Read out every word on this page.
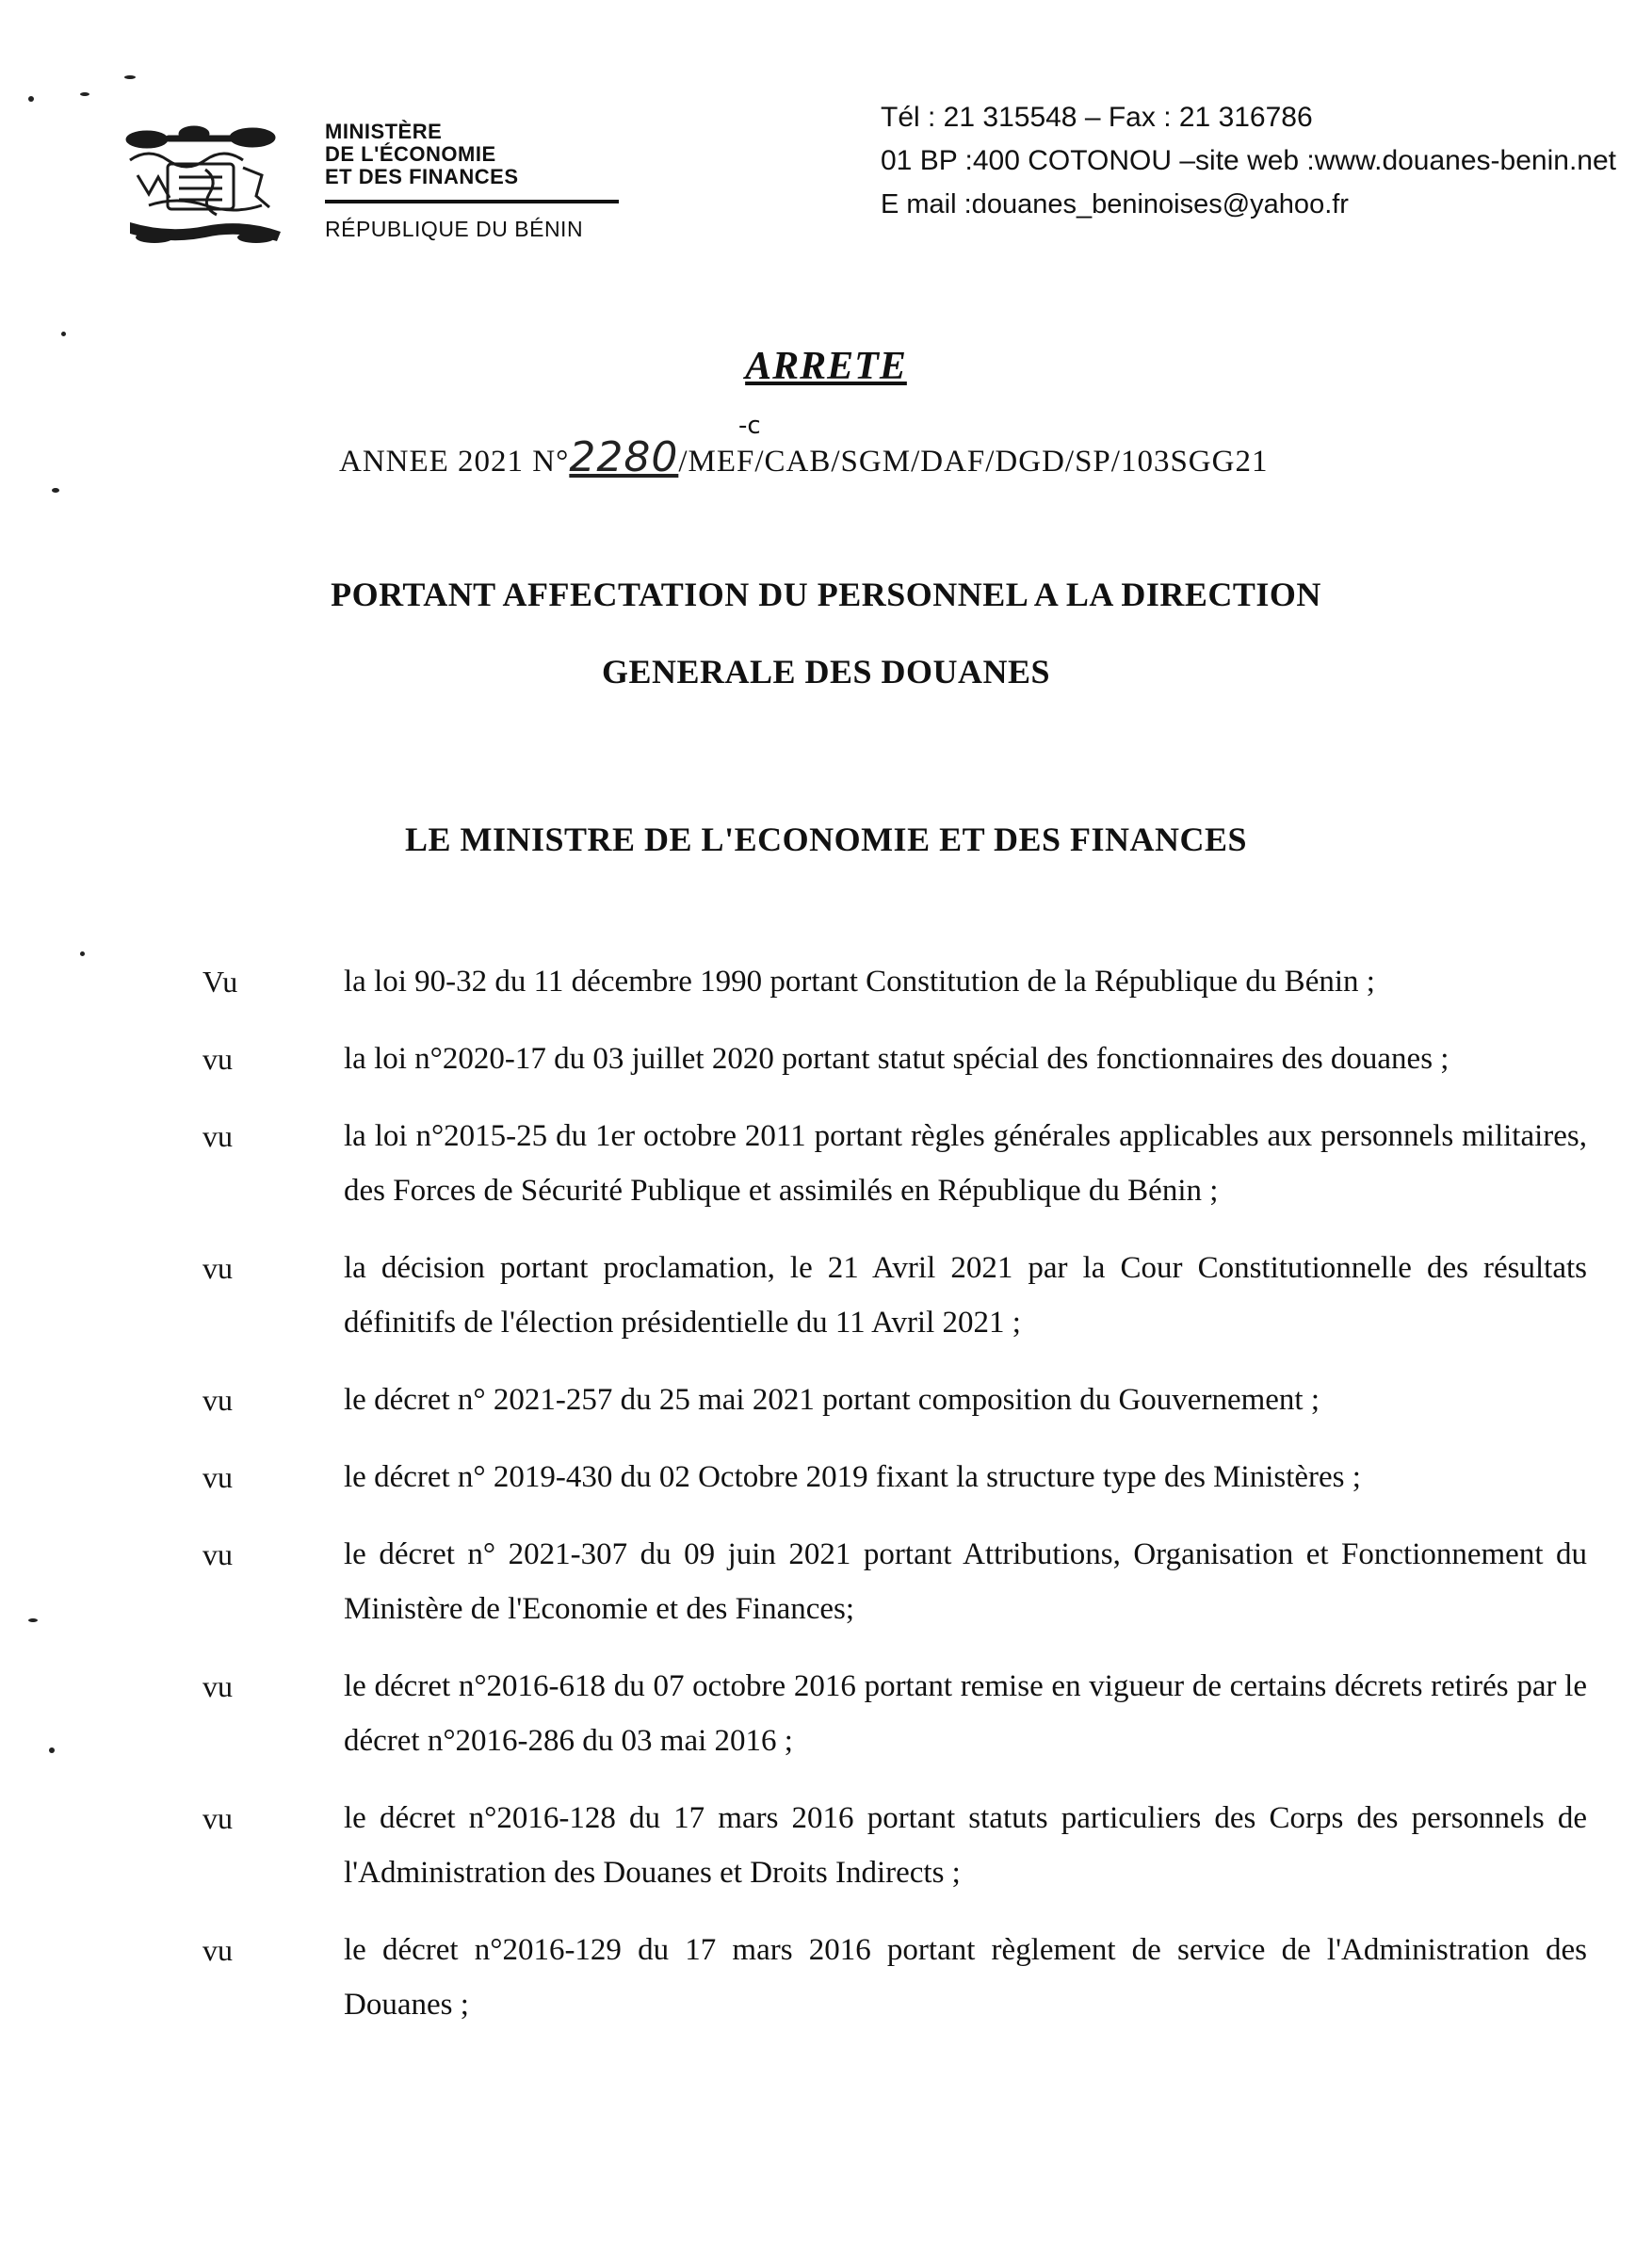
MINISTÈRE
DE L'ÉCONOMIE
ET DES FINANCES
RÉPUBLIQUE DU BÉNIN
Tél : 21 315548 – Fax : 21 316786
01 BP :400 COTONOU –site web :www.douanes-benin.net
E mail :douanes_beninoises@yahoo.fr
ARRETE
ANNEE 2021 N°2280/MEF/CAB/SGM/DAF/DGD/SP/103SGG21
-c
PORTANT AFFECTATION DU PERSONNEL A LA DIRECTION
GENERALE DES DOUANES
LE MINISTRE DE L'ECONOMIE ET DES FINANCES
Vu	la loi 90-32 du 11 décembre 1990 portant Constitution de la République du Bénin ;
vu	la loi n°2020-17 du 03 juillet 2020 portant statut spécial des fonctionnaires des douanes ;
vu	la loi n°2015-25 du 1er octobre 2011 portant règles générales applicables aux personnels militaires, des Forces de Sécurité Publique et assimilés en République du Bénin ;
vu	la décision portant proclamation, le 21 Avril 2021 par la Cour Constitutionnelle des résultats définitifs de l'élection présidentielle du 11 Avril 2021 ;
vu	le décret n° 2021-257 du 25 mai 2021 portant composition du Gouvernement ;
vu	le décret n° 2019-430 du 02 Octobre 2019 fixant la structure type des Ministères ;
vu	le décret n° 2021-307 du 09 juin 2021 portant Attributions, Organisation et Fonctionnement du Ministère de l'Economie et des Finances;
vu	le décret n°2016-618 du 07 octobre 2016 portant remise en vigueur de certains décrets retirés par le décret n°2016-286 du 03 mai 2016 ;
vu	le décret n°2016-128 du 17 mars 2016 portant statuts particuliers des Corps des personnels de l'Administration des Douanes et Droits Indirects ;
vu	le décret n°2016-129 du 17 mars 2016 portant règlement de service de l'Administration des Douanes ;
